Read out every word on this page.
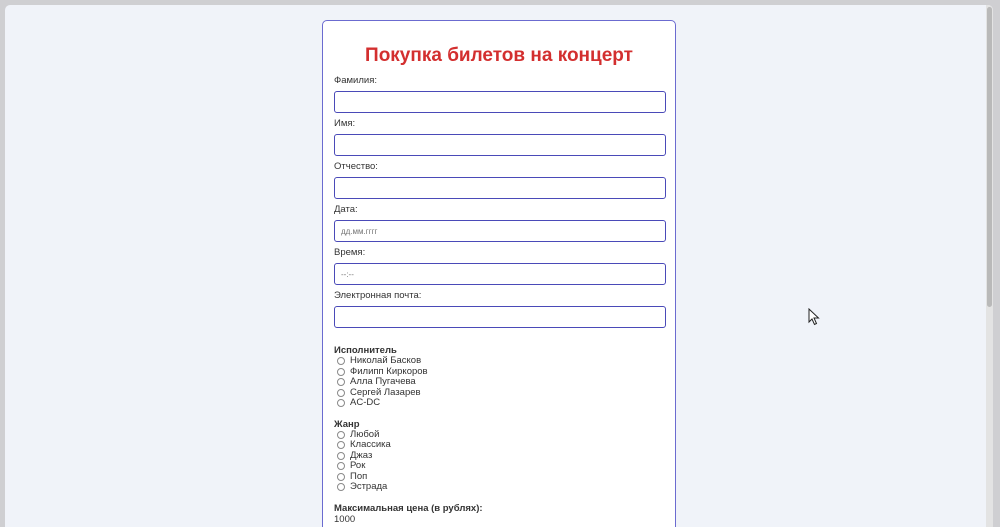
Покупка билетов на концерт
Фамилия:
Имя:
Отчество:
Дата:
дд.мм.гггг
Время:
--:--
Электронная почта:
Исполнитель
Николай Басков
Филипп Киркоров
Алла Пугачева
Сергей Лазарев
AC-DC
Жанр
Любой
Классика
Джаз
Рок
Поп
Эстрада
Максимальная цена (в рублях):
1000
